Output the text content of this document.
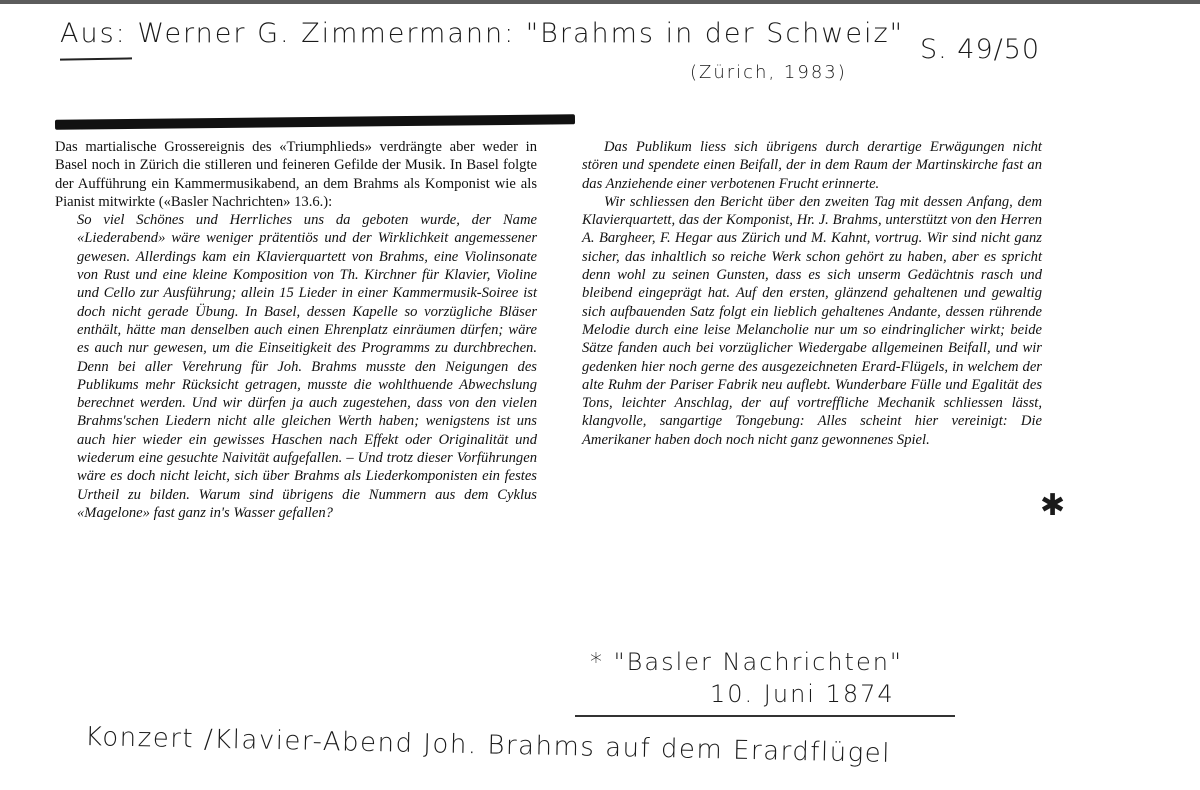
Aus: Werner G. Zimmermann: "Brahms in der Schweiz"
S. 49/50
(Zürich, 1983)

Das martialische Grossereignis des «Triumphlieds» verdrängte aber weder in Basel noch in Zürich die stilleren und feineren Gefilde der Musik. In Basel folgte der Aufführung ein Kammermusikabend, an dem Brahms als Komponist wie als Pianist mitwirkte («Basler Nachrichten» 13.6.):

So viel Schönes und Herrliches uns da geboten wurde, der Name «Liederabend» wäre weniger prätentiös und der Wirklichkeit angemessener gewesen. Allerdings kam ein Klavierquartett von Brahms, eine Violinsonate von Rust und eine kleine Komposition von Th. Kirchner für Klavier, Violine und Cello zur Ausführung; allein 15 Lieder in einer Kammermusik-Soiree ist doch nicht gerade Übung. In Basel, dessen Kapelle so vorzügliche Bläser enthält, hätte man denselben auch einen Ehrenplatz einräumen dürfen; wäre es auch nur gewesen, um die Einseitigkeit des Programms zu durchbrechen. Denn bei aller Verehrung für Joh. Brahms musste den Neigungen des Publikums mehr Rücksicht getragen, musste die wohlthuende Abwechslung berechnet werden. Und wir dürfen ja auch zugestehen, dass von den vielen Brahms'schen Liedern nicht alle gleichen Werth haben; wenigstens ist uns auch hier wieder ein gewisses Haschen nach Effekt oder Originalität und wiederum eine gesuchte Naivität aufgefallen. – Und trotz dieser Vorführungen wäre es doch nicht leicht, sich über Brahms als Liederkomponisten ein festes Urtheil zu bilden. Warum sind übrigens die Nummern aus dem Cyklus «Magelone» fast ganz in's Wasser gefallen?

Das Publikum liess sich übrigens durch derartige Erwägungen nicht stören und spendete einen Beifall, der in dem Raum der Martinskirche fast an das Anziehende einer verbotenen Frucht erinnerte.

Wir schliessen den Bericht über den zweiten Tag mit dessen Anfang, dem Klavierquartett, das der Komponist, Hr. J. Brahms, unterstützt von den Herren A. Bargheer, F. Hegar aus Zürich und M. Kahnt, vortrug. Wir sind nicht ganz sicher, das inhaltlich so reiche Werk schon gehört zu haben, aber es spricht denn wohl zu seinen Gunsten, dass es sich unserm Gedächtnis rasch und bleibend eingeprägt hat. Auf den ersten, glänzend gehaltenen und gewaltig sich aufbauenden Satz folgt ein lieblich gehaltenes Andante, dessen rührende Melodie durch eine leise Melancholie nur um so eindringlicher wirkt; beide Sätze fanden auch bei vorzüglicher Wiedergabe allgemeinen Beifall, und wir gedenken hier noch gerne des ausgezeichneten Erard-Flügels, in welchem der alte Ruhm der Pariser Fabrik neu auflebt. Wunderbare Fülle und Egalität des Tons, leichter Anschlag, der auf vortreffliche Mechanik schliessen lässt, klangvolle, sangartige Tongebung: Alles scheint hier vereinigt: Die Amerikaner haben doch noch nicht ganz gewonnenes Spiel.

✱
* "Basler Nachrichten"
10. Juni 1874
Konzert /Klavier-Abend Joh. Brahms auf dem Erardflügel
